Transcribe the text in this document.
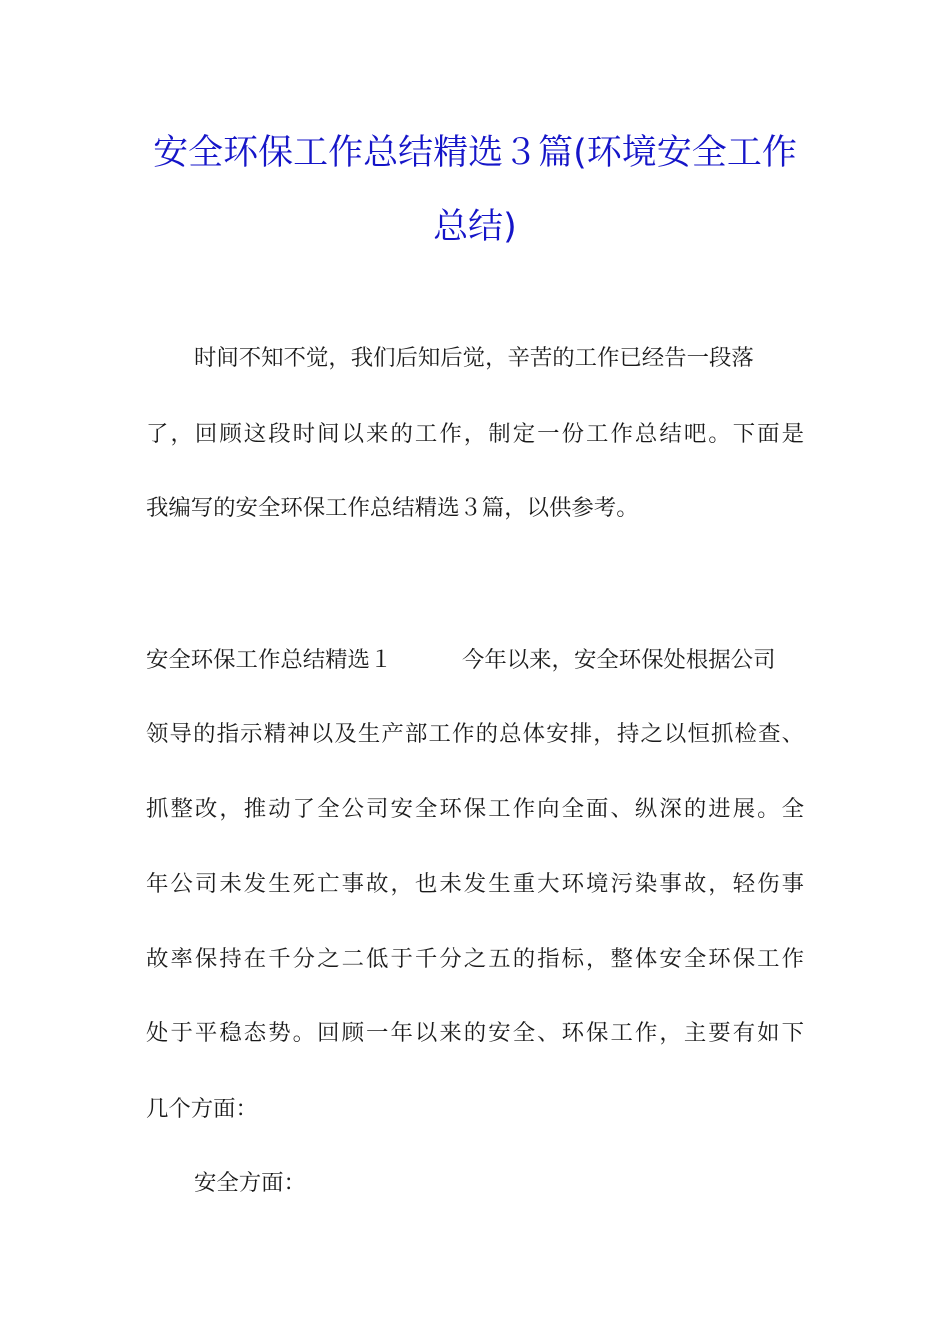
安全环保工作总结精选３篇(环境安全工作
总结)
时间不知不觉，我们后知后觉，辛苦的工作已经告一段落
了，回顾这段时间以来的工作，制定一份工作总结吧。下面是
我编写的安全环保工作总结精选３篇，以供参考。
安全环保工作总结精选１	今年以来，安全环保处根据公司
领导的指示精神以及生产部工作的总体安排，持之以恒抓检查、
抓整改，推动了全公司安全环保工作向全面、纵深的进展。全
年公司未发生死亡事故，也未发生重大环境污染事故，轻伤事
故率保持在千分之二低于千分之五的指标，整体安全环保工作
处于平稳态势。回顾一年以来的安全、环保工作，主要有如下
几个方面：
安全方面：
